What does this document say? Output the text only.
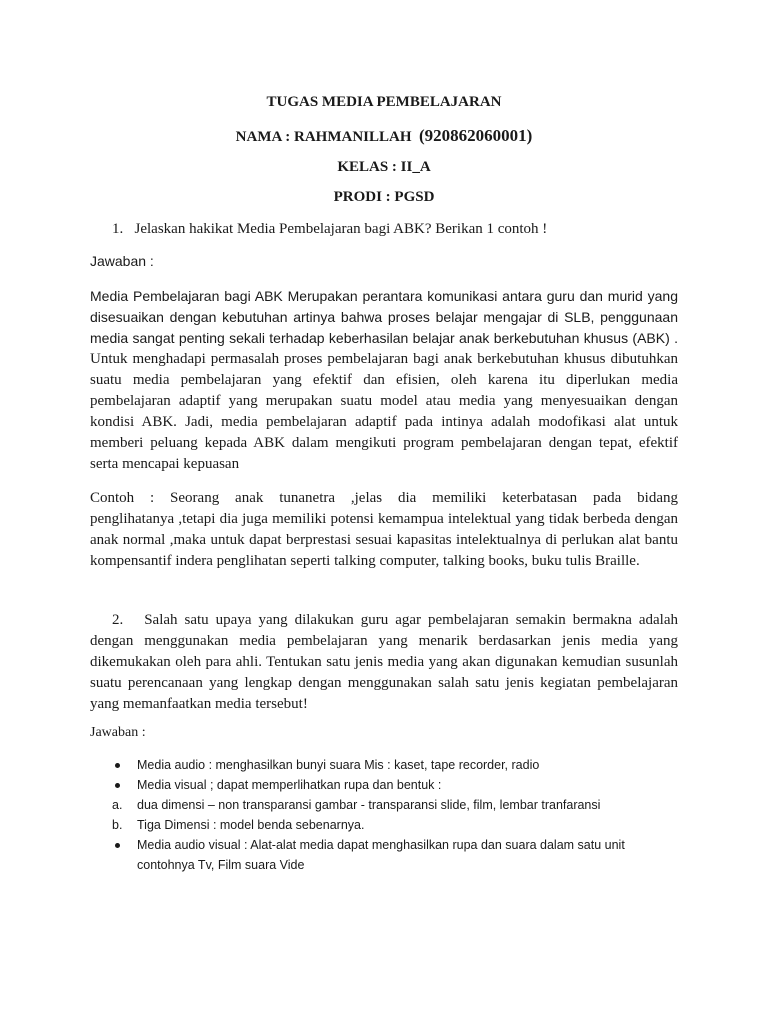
TUGAS MEDIA PEMBELAJARAN
NAMA : RAHMANILLAH (920862060001)
KELAS : II_A
PRODI : PGSD
1. Jelaskan hakikat Media Pembelajaran bagi ABK? Berikan 1 contoh !
Jawaban :
Media Pembelajaran bagi ABK Merupakan perantara komunikasi antara guru dan murid yang
disesuaikan dengan kebutuhan artinya bahwa proses belajar mengajar di SLB, penggunaan
media sangat penting sekali terhadap keberhasilan belajar anak berkebutuhan khusus (ABK) .
Untuk menghadapi permasalah proses pembelajaran bagi anak berkebutuhan khusus dibutuhkan
suatu media pembelajaran yang efektif dan efisien, oleh karena itu diperlukan media
pembelajaran adaptif yang merupakan suatu model atau media yang menyesuaikan dengan
kondisi ABK. Jadi, media pembelajaran adaptif pada intinya adalah modofikasi alat untuk
memberi peluang kepada ABK dalam mengikuti program pembelajaran dengan tepat, efektif
serta mencapai kepuasan
Contoh : Seorang anak tunanetra ,jelas dia memiliki keterbatasan pada bidang
penglihatanya ,tetapi dia juga memiliki potensi kemampua intelektual yang tidak berbeda dengan
anak normal ,maka untuk dapat berprestasi sesuai kapasitas intelektualnya di perlukan alat bantu
kompensantif indera penglihatan seperti talking computer, talking books, buku tulis Braille.
2. Salah satu upaya yang dilakukan guru agar pembelajaran semakin bermakna adalah
dengan menggunakan media pembelajaran yang menarik berdasarkan jenis media yang
dikemukakan oleh para ahli. Tentukan satu jenis media yang akan digunakan kemudian susunlah
suatu perencanaan yang lengkap dengan menggunakan salah satu jenis kegiatan pembelajaran
yang memanfaatkan media tersebut!
Jawaban :
Media audio : menghasilkan bunyi suara Mis : kaset, tape recorder, radio
Media visual ; dapat memperlihatkan rupa dan bentuk :
a.	dua dimensi – non transparansi gambar - transparansi slide, film, lembar tranfaransi
b.	Tiga Dimensi : model benda sebenarnya.
Media audio visual : Alat-alat media dapat menghasilkan rupa dan suara dalam satu unit contohnya Tv, Film suara Vide
